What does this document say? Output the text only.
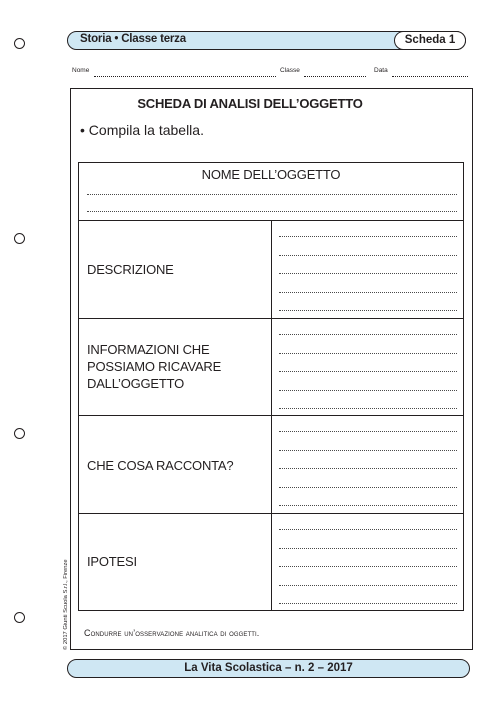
Storia • Classe terza	Scheda 1
Nome	Classe	Data
SCHEDA DI ANALISI DELL’OGGETTO
• Compila la tabella.
NOME DELL’OGGETTO
DESCRIZIONE
INFORMAZIONI CHE
POSSIAMO RICAVARE
DALL’OGGETTO
CHE COSA RACCONTA?
IPOTESI
Condurre un’osservazione analitica di oggetti.
La Vita Scolastica – n. 2 – 2017
© 2017 Giunti Scuola S.r.l., Firenze
